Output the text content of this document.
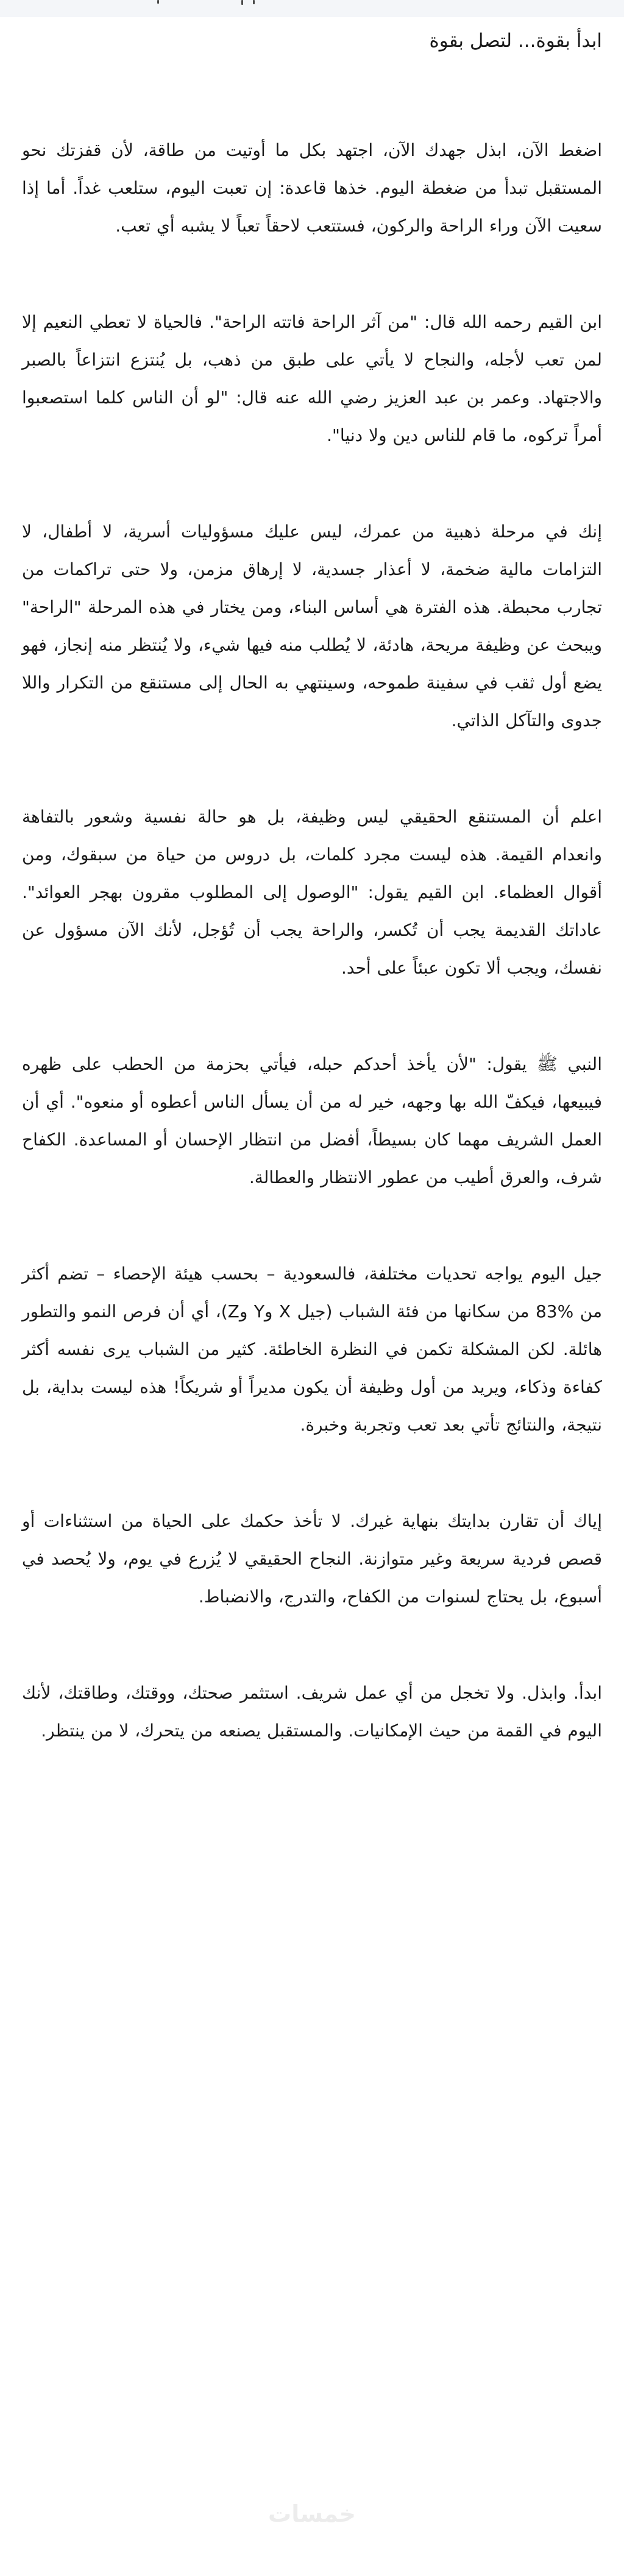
ابدأ بقوة... لتصل بقوة

اضغط الآن، ابذل جهدك الآن، اجتهد بكل ما أوتيت من طاقة، لأن قفزتك نحو المستقبل تبدأ من ضغطة اليوم. خذها قاعدة: إن تعبت اليوم، ستلعب غداً. أما إذا سعيت الآن وراء الراحة والركون، فستتعب لاحقاً تعباً لا يشبه أي تعب.

ابن القيم رحمه الله قال: "من آثر الراحة فاتته الراحة". فالحياة لا تعطي النعيم إلا لمن تعب لأجله، والنجاح لا يأتي على طبق من ذهب، بل يُنتزع انتزاعاً بالصبر والاجتهاد. وعمر بن عبد العزيز رضي الله عنه قال: "لو أن الناس كلما استصعبوا أمراً تركوه، ما قام للناس دين ولا دنيا".

إنك في مرحلة ذهبية من عمرك، ليس عليك مسؤوليات أسرية، لا أطفال، لا التزامات مالية ضخمة، لا أعذار جسدية، لا إرهاق مزمن، ولا حتى تراكمات من تجارب محبطة. هذه الفترة هي أساس البناء، ومن يختار في هذه المرحلة "الراحة" ويبحث عن وظيفة مريحة، هادئة، لا يُطلب منه فيها شيء، ولا يُنتظر منه إنجاز، فهو يضع أول ثقب في سفينة طموحه، وسينتهي به الحال إلى مستنقع من التكرار واللا جدوى والتآكل الذاتي.

اعلم أن المستنقع الحقيقي ليس وظيفة، بل هو حالة نفسية وشعور بالتفاهة وانعدام القيمة. هذه ليست مجرد كلمات، بل دروس من حياة من سبقوك، ومن أقوال العظماء. ابن القيم يقول: "الوصول إلى المطلوب مقرون بهجر العوائد". عاداتك القديمة يجب أن تُكسر، والراحة يجب أن تُؤجل، لأنك الآن مسؤول عن نفسك، ويجب ألا تكون عبئاً على أحد.

النبي ﷺ يقول: "لأن يأخذ أحدكم حبله، فيأتي بحزمة من الحطب على ظهره فيبيعها، فيكفّ الله بها وجهه، خير له من أن يسأل الناس أعطوه أو منعوه". أي أن العمل الشريف مهما كان بسيطاً، أفضل من انتظار الإحسان أو المساعدة. الكفاح شرف، والعرق أطيب من عطور الانتظار والعطالة.

جيل اليوم يواجه تحديات مختلفة، فالسعودية – بحسب هيئة الإحصاء – تضم أكثر من %83 من سكانها من فئة الشباب (جيل X وY وZ)، أي أن فرص النمو والتطور هائلة. لكن المشكلة تكمن في النظرة الخاطئة. كثير من الشباب يرى نفسه أكثر كفاءة وذكاء، ويريد من أول وظيفة أن يكون مديراً أو شريكاً! هذه ليست بداية، بل نتيجة، والنتائج تأتي بعد تعب وتجربة وخبرة.

إياك أن تقارن بدايتك بنهاية غيرك. لا تأخذ حكمك على الحياة من استثناءات أو قصص فردية سريعة وغير متوازنة. النجاح الحقيقي لا يُزرع في يوم، ولا يُحصد في أسبوع، بل يحتاج لسنوات من الكفاح، والتدرج، والانضباط.

ابدأ. وابذل. ولا تخجل من أي عمل شريف. استثمر صحتك، ووقتك، وطاقتك، لأنك اليوم في القمة من حيث الإمكانيات. والمستقبل يصنعه من يتحرك، لا من ينتظر.

خمسات
